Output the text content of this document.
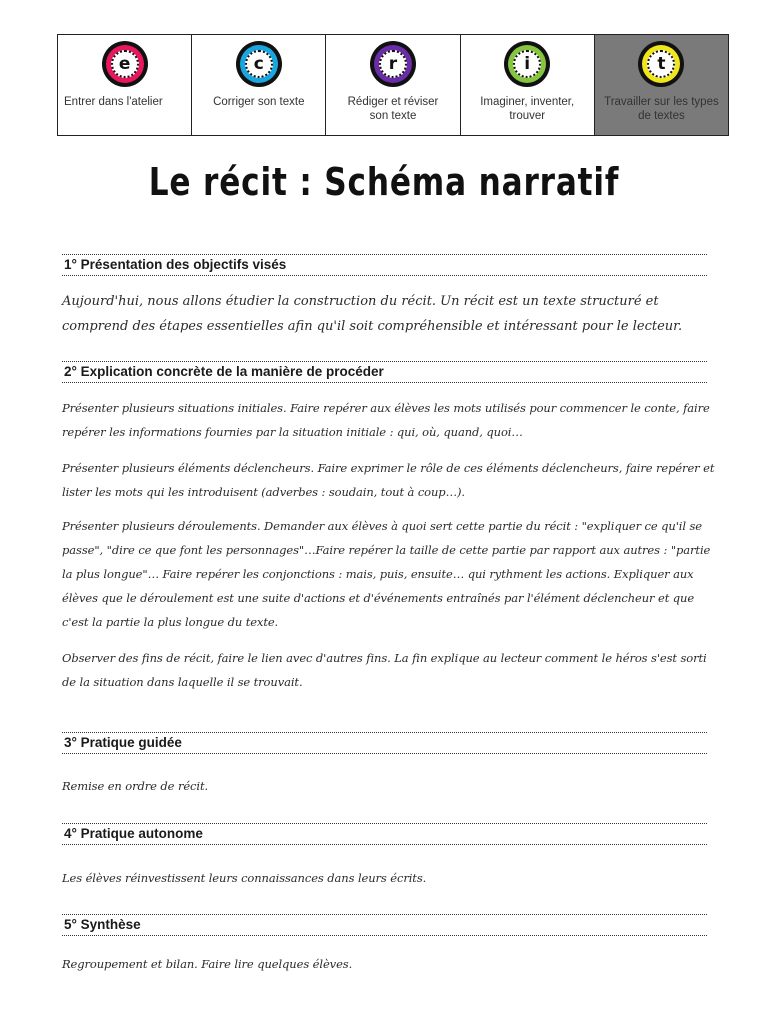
e
Entrer dans l'atelier
c
Corriger son texte
r
Rédiger et réviser
son texte
i
Imaginer, inventer,
trouver
t
Travailler sur les types
de textes
Le récit : Schéma narratif
1° Présentation des objectifs visés

Aujourd'hui, nous allons étudier la construction du récit. Un récit est un texte structuré et comprend des étapes essentielles afin qu'il soit compréhensible et intéressant pour le lecteur.

2° Explication concrète de la manière de procéder

Présenter plusieurs situations initiales. Faire repérer aux élèves les mots utilisés pour commencer le conte, faire repérer les informations fournies par la situation initiale : qui, où, quand, quoi…

Présenter plusieurs éléments déclencheurs. Faire exprimer le rôle de ces éléments déclencheurs, faire repérer et lister les mots qui les introduisent (adverbes : soudain, tout à coup…).

Présenter plusieurs déroulements. Demander aux élèves à quoi sert cette partie du récit : "expliquer ce qu'il se passe", "dire ce que font les personnages"…Faire repérer la taille de cette partie par rapport aux autres : "partie la plus longue"… Faire repérer les conjonctions : mais, puis, ensuite… qui rythment les actions. Expliquer aux élèves que le déroulement est une suite d'actions et d'événements entraînés par l'élément déclencheur et que c'est la partie la plus longue du texte.

Observer des fins de récit, faire le lien avec d'autres fins. La fin explique au lecteur comment le héros s'est sorti de la situation dans laquelle il se trouvait.

3° Pratique guidée

Remise en ordre de récit.

4° Pratique autonome

Les élèves réinvestissent leurs connaissances dans leurs écrits.

5° Synthèse

Regroupement et bilan. Faire lire quelques élèves.
